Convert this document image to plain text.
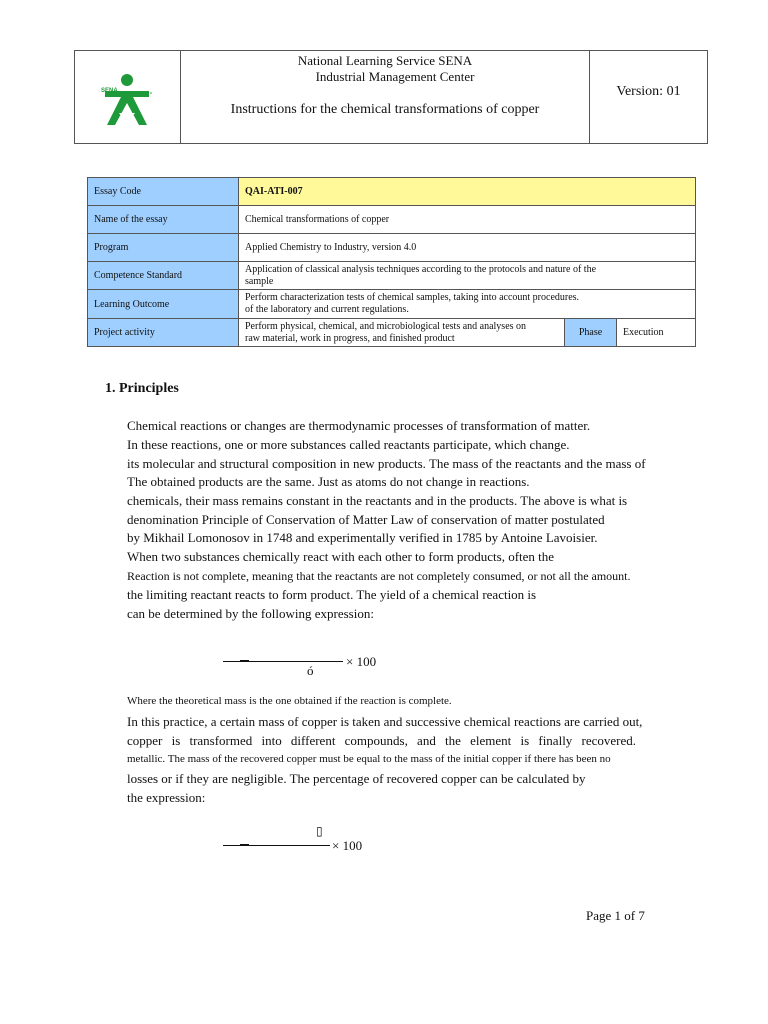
SENA
National Learning Service SENA
Industrial Management Center
Instructions for the chemical transformations of copper
Version: 01
Essay Code	QAI-ATI-007		
Name of the essay	Chemical transformations of copper		
Program	Applied Chemistry to Industry, version 4.0		
Competence Standard	Application of classical analysis techniques according to the protocols and nature of the
sample		

Learning Outcome	Perform characterization tests of chemical samples, taking into account procedures.
of the laboratory and current regulations.		

Project activity	Perform physical, chemical, and microbiological tests and analyses on
raw material, work in progress, and finished product	Phase	Execution
1. Principles
Chemical reactions or changes are thermodynamic processes of transformation of matter.
In these reactions, one or more substances called reactants participate, which change.
its molecular and structural composition in new products. The mass of the reactants and the mass of
The obtained products are the same. Just as atoms do not change in reactions.
chemicals, their mass remains constant in the reactants and in the products. The above is what is
denomination Principle of Conservation of Matter Law of conservation of matter postulated
by Mikhail Lomonosov in 1748 and experimentally verified in 1785 by Antoine Lavoisier.
When two substances chemically react with each other to form products, often the
Reaction is not complete, meaning that the reactants are not completely consumed, or not all the amount.
the limiting reactant reacts to form product. The yield of a chemical reaction is
can be determined by the following expression:
× 100
ó
Where the theoretical mass is the one obtained if the reaction is complete.
In this practice, a certain mass of copper is taken and successive chemical reactions are carried out,
copper is transformed into different compounds, and the element is finally recovered.
metallic. The mass of the recovered copper must be equal to the mass of the initial copper if there has been no
losses or if they are negligible. The percentage of recovered copper can be calculated by
the expression:
▯
× 100
Page 1 of 7
